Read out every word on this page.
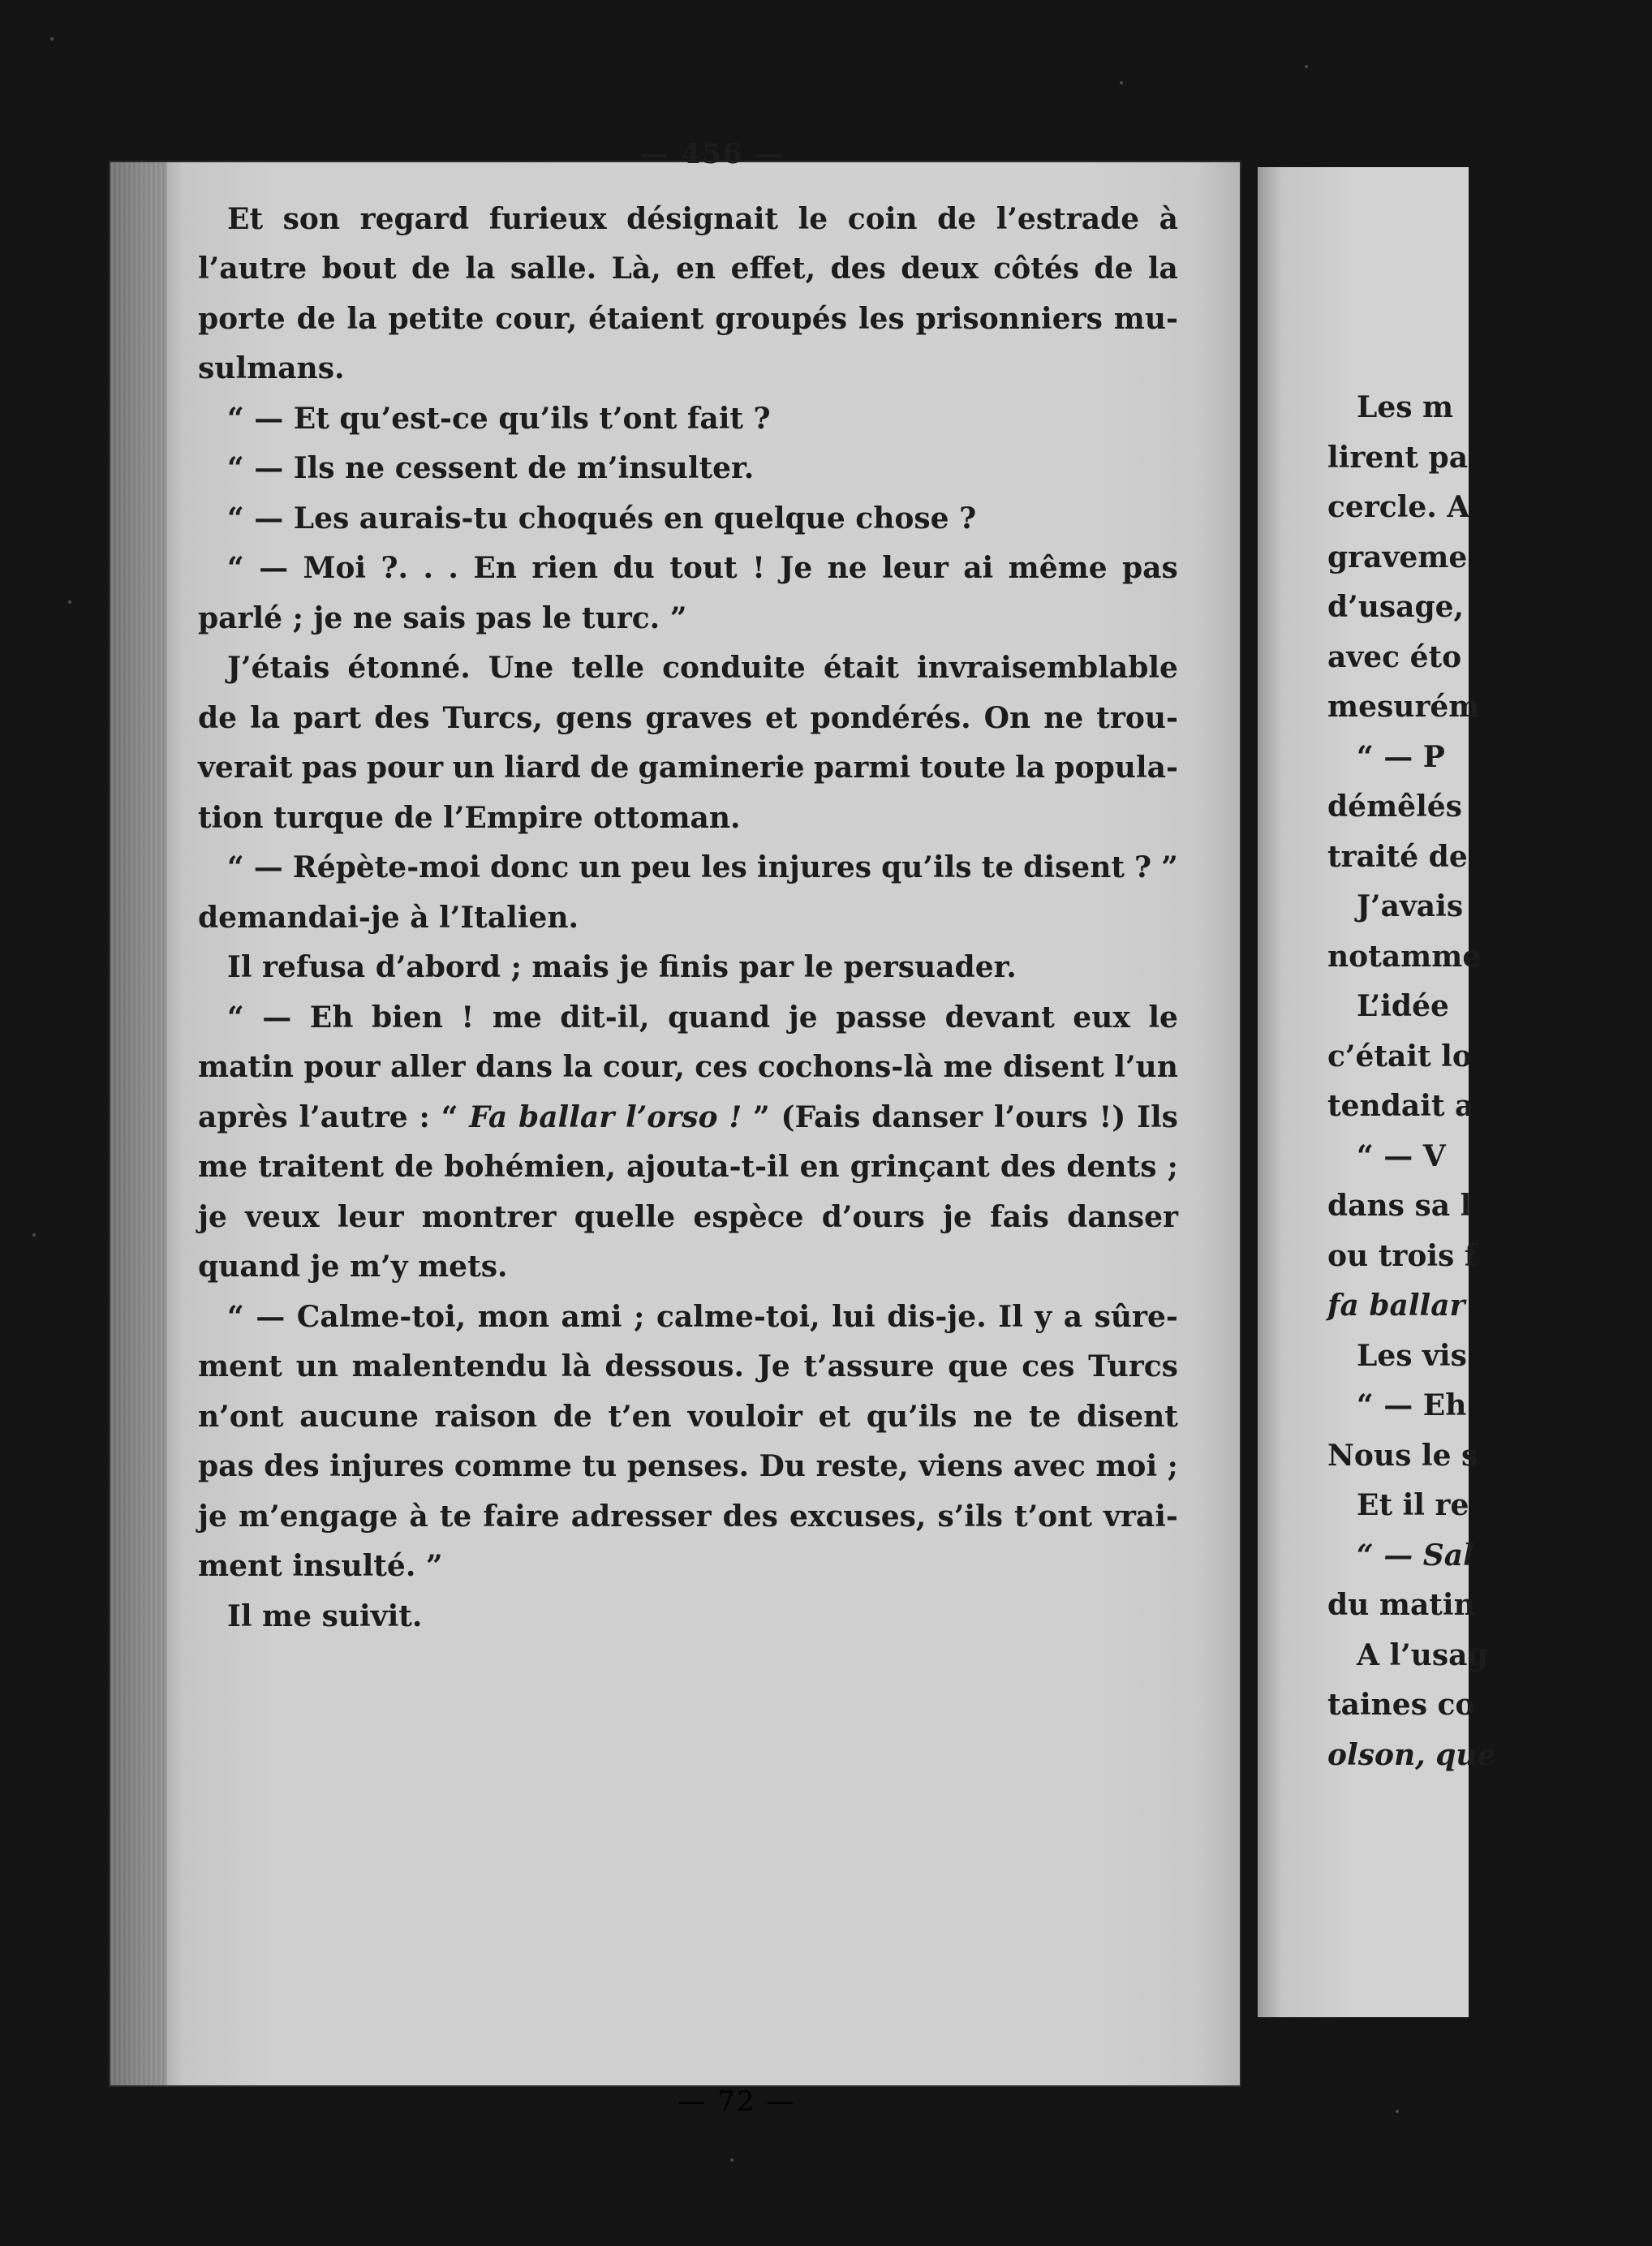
— 456 —
Et son regard furieux désignait le coin de l’estrade à
l’autre bout de la salle. Là, en effet, des deux côtés de la
porte de la petite cour, étaient groupés les prisonniers mu-
sulmans.
“ — Et qu’est-ce qu’ils t’ont fait ?
“ — Ils ne cessent de m’insulter.
“ — Les aurais-tu choqués en quelque chose ?
“ — Moi ?. . . En rien du tout ! Je ne leur ai même pas
parlé ; je ne sais pas le turc. ”
J’étais étonné. Une telle conduite était invraisemblable
de la part des Turcs, gens graves et pondérés. On ne trou-
verait pas pour un liard de gaminerie parmi toute la popula-
tion turque de l’Empire ottoman.
“ — Répète-moi donc un peu les injures qu’ils te disent ? ”
demandai-je à l’Italien.
Il refusa d’abord ; mais je finis par le persuader.
“ — Eh bien ! me dit-il, quand je passe devant eux le
matin pour aller dans la cour, ces cochons-là me disent l’un
après l’autre : “ Fa ballar l’orso ! ” (Fais danser l’ours !) Ils
me traitent de bohémien, ajouta-t-il en grinçant des dents ;
je veux leur montrer quelle espèce d’ours je fais danser
quand je m’y mets.
“ — Calme-toi, mon ami ; calme-toi, lui dis-je. Il y a sûre-
ment un malentendu là dessous. Je t’assure que ces Turcs
n’ont aucune raison de t’en vouloir et qu’ils ne te disent
pas des injures comme tu penses. Du reste, viens avec moi ;
je m’engage à te faire adresser des excuses, s’ils t’ont vrai-
ment insulté. ”
Il me suivit.
— 72 —
Les m
lirent pa
cercle. A
graveme
d’usage,
avec éto
mesurém
“ — P
démêlés
traité de
J’avais
notamme
L’idée
c’était lo
tendait a
“ — V
dans sa l
ou trois f
fa ballar
Les vis
“ — Eh
Nous le s
Et il re
“ — Sal
du matin
A l’usag
taines co
olson, que
